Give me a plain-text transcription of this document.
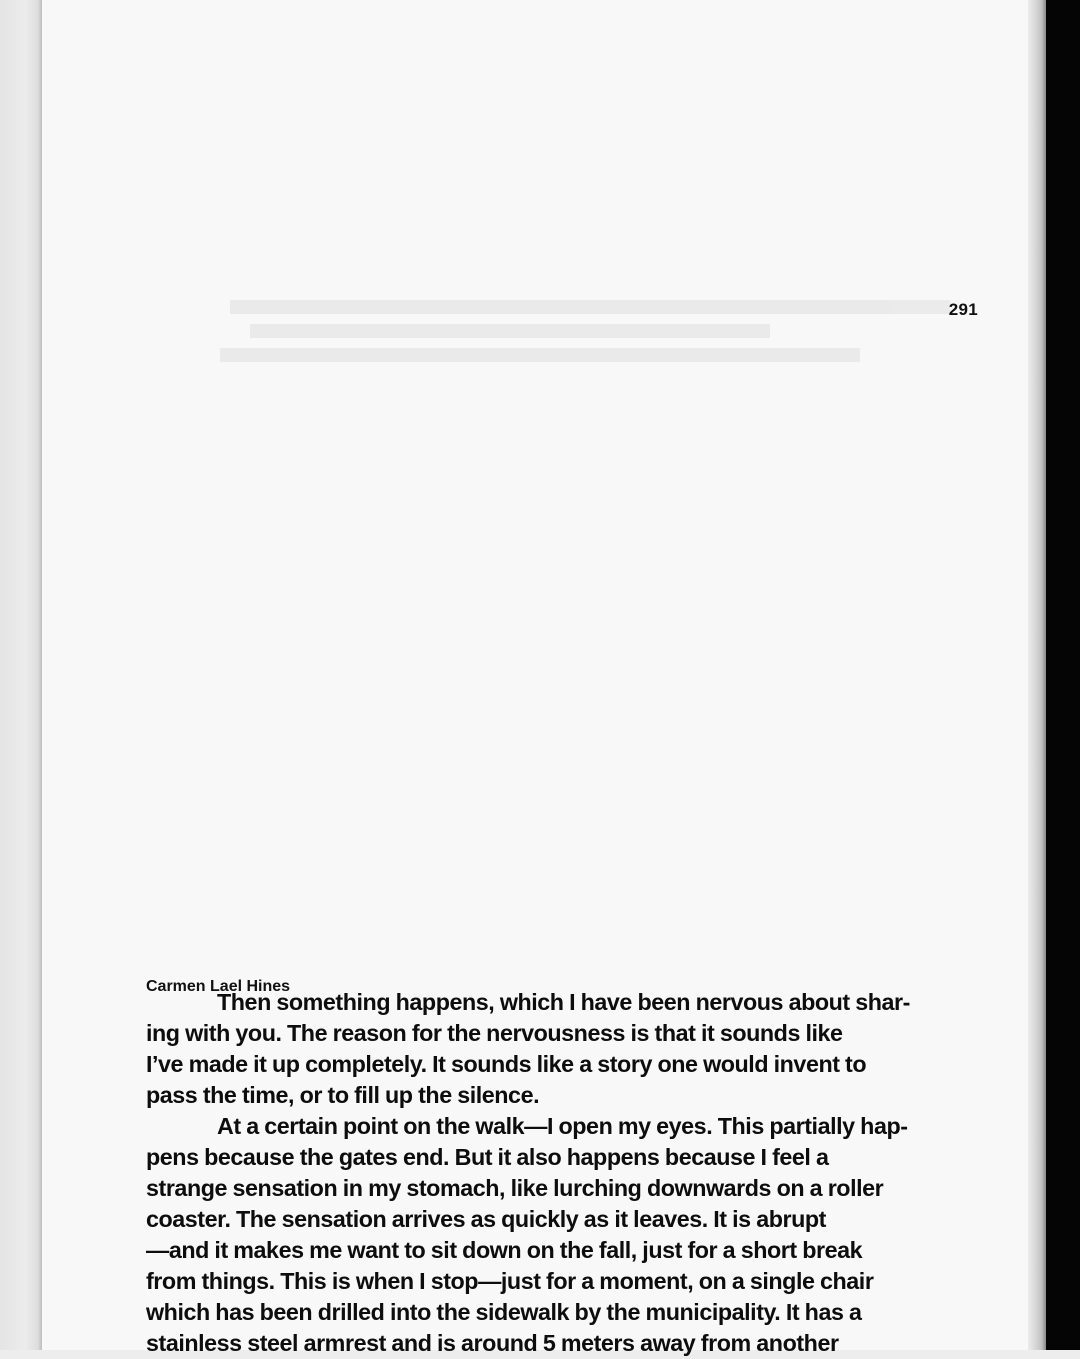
291
Carmen Lael Hines
Then something happens, which I have been nervous about shar-
ing with you. The reason for the nervousness is that it sounds like
I’ve made it up completely. It sounds like a story one would invent to
pass the time, or to fill up the silence.
At a certain point on the walk—I open my eyes. This partially hap-
pens because the gates end. But it also happens because I feel a
strange sensation in my stomach, like lurching downwards on a roller
coaster. The sensation arrives as quickly as it leaves. It is abrupt
—and it makes me want to sit down on the fall, just for a short break
from things. This is when I stop—just for a moment, on a single chair
which has been drilled into the sidewalk by the municipality. It has a
stainless steel armrest and is around 5 meters away from another
